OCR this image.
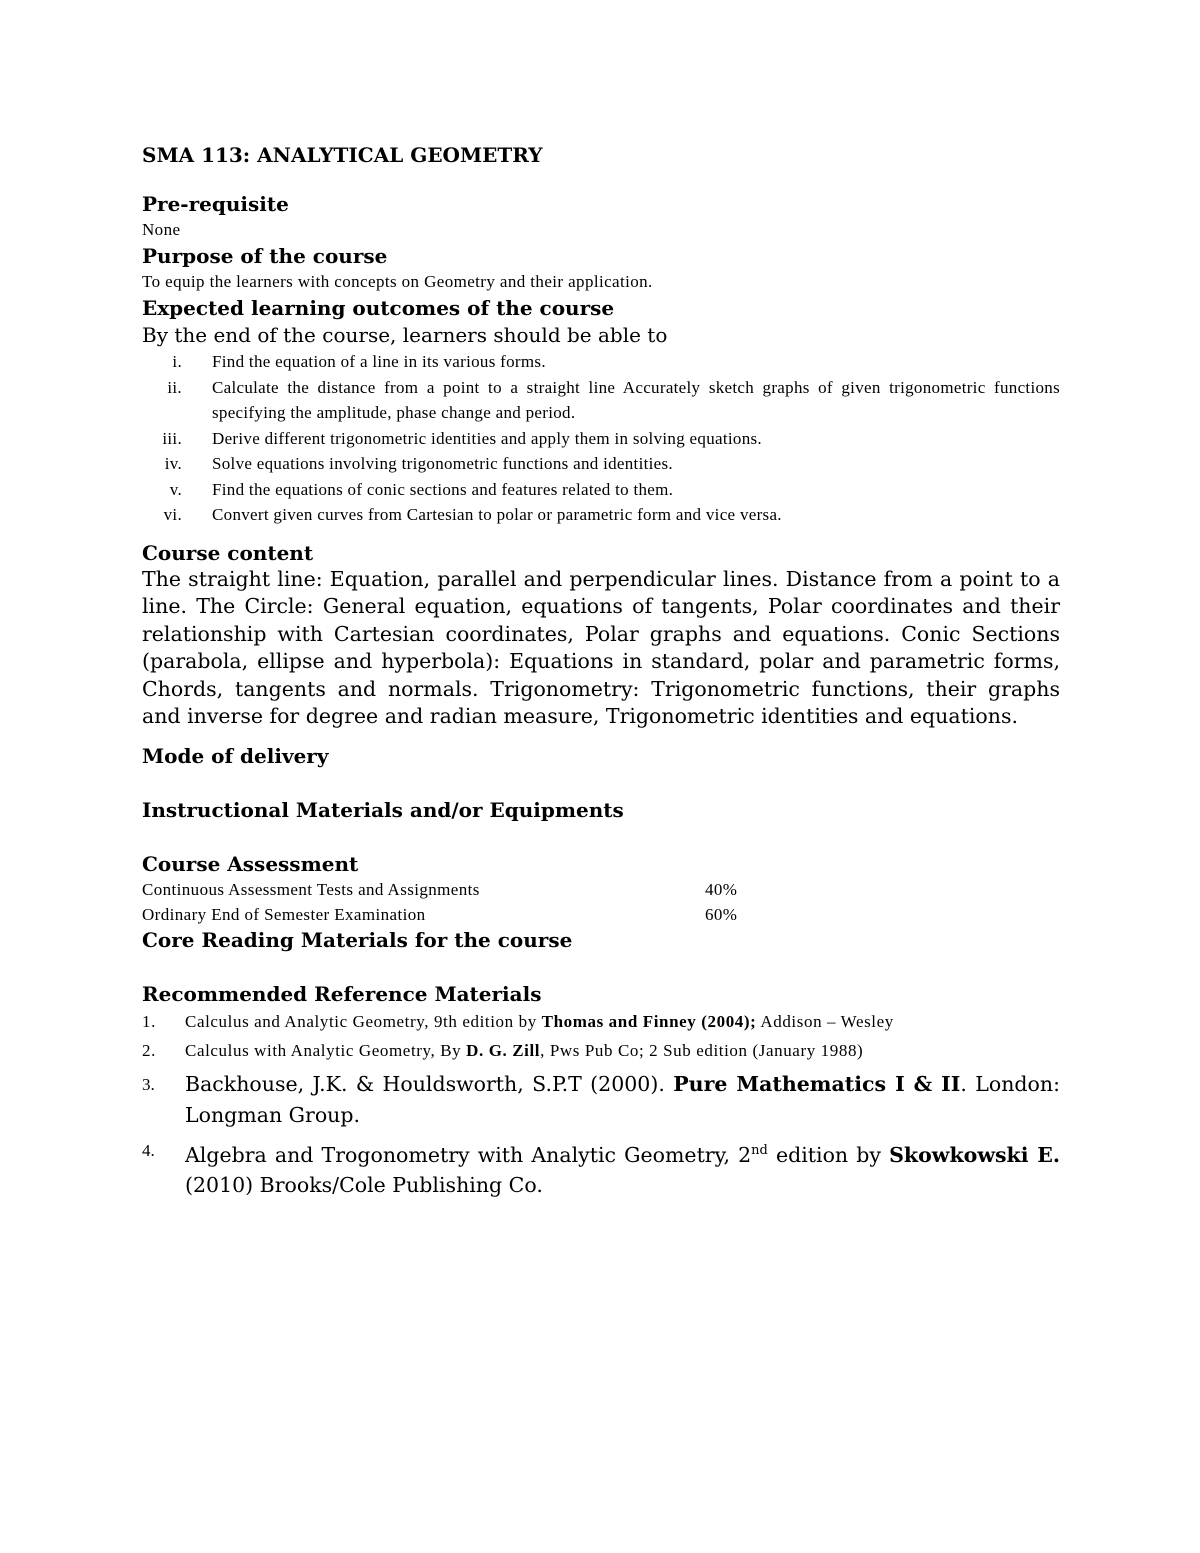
SMA 113: ANALYTICAL GEOMETRY

Pre-requisite

None

Purpose of the course

To equip the learners with concepts on Geometry and their application.

Expected learning outcomes of the course

By the end of the course, learners should be able to

i. Find the equation of a line in its various forms.
ii. Calculate the distance from a point to a straight line Accurately sketch graphs of given trigonometric functions specifying the amplitude, phase change and period.
iii. Derive different trigonometric identities and apply them in solving equations.
iv. Solve equations involving trigonometric functions and identities.
v. Find the equations of conic sections and features related to them.
vi. Convert given curves from Cartesian to polar or parametric form and vice versa.

Course content

The straight line: Equation, parallel and perpendicular lines. Distance from a point to a line. The Circle: General equation, equations of tangents, Polar coordinates and their relationship with Cartesian coordinates, Polar graphs and equations. Conic Sections (parabola, ellipse and hyperbola): Equations in standard, polar and parametric forms, Chords, tangents and normals. Trigonometry: Trigonometric functions, their graphs and inverse for degree and radian measure, Trigonometric identities and equations.

Mode of delivery

Instructional Materials and/or Equipments

Course Assessment

Continuous Assessment Tests and Assignments	40%
Ordinary End of Semester Examination	60%

Core Reading Materials for the course

Recommended Reference Materials

1. Calculus and Analytic Geometry, 9th edition by Thomas and Finney (2004); Addison – Wesley
2. Calculus with Analytic Geometry, By D. G. Zill, Pws Pub Co; 2 Sub edition (January 1988)
3. Backhouse, J.K. & Houldsworth, S.P.T (2000). Pure Mathematics I & II. London: Longman Group.
4. Algebra and Trogonometry with Analytic Geometry, 2nd edition by Skowkowski E. (2010) Brooks/Cole Publishing Co.
